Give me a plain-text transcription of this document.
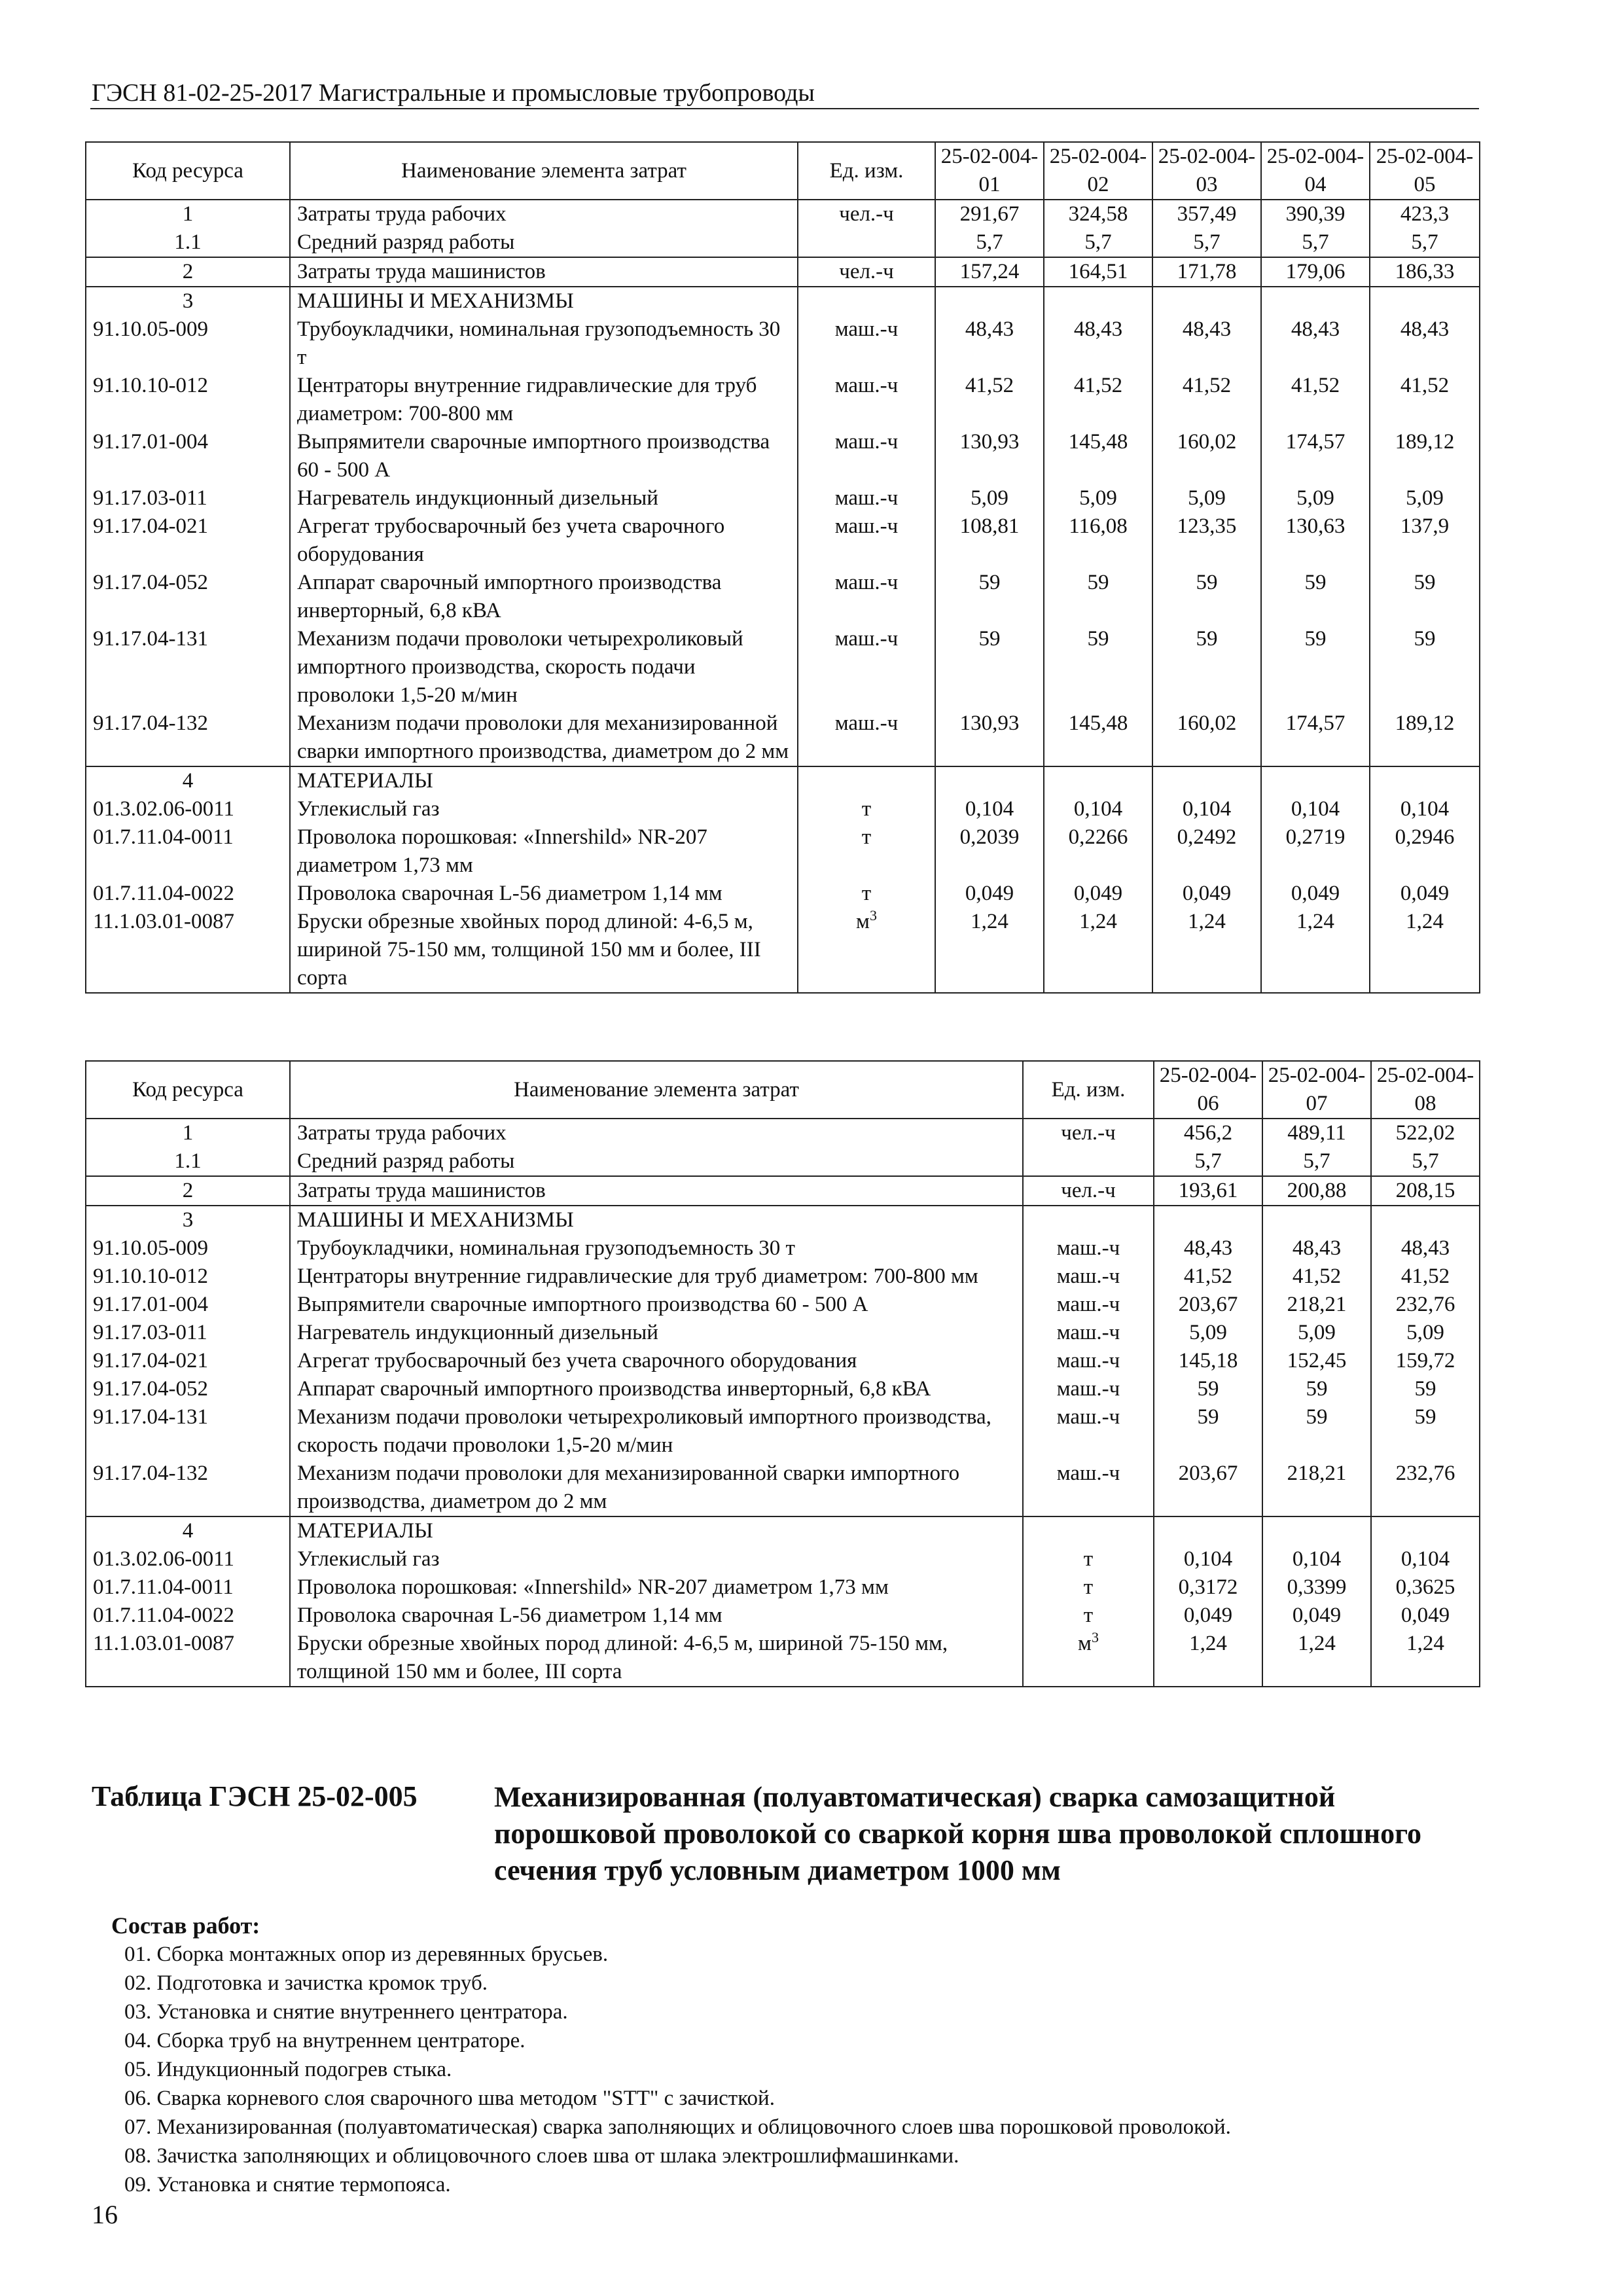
ГЭСН 81-02-25-2017 Магистральные и промысловые трубопроводы
Код ресурса	Наименование элемента затрат	Ед. изм.	25-02-004-01	25-02-004-02	25-02-004-03	25-02-004-04	25-02-004-05
1	Затраты труда рабочих	чел.-ч	291,67	324,58	357,49	390,39	423,3
1.1	Средний разряд работы		5,7	5,7	5,7	5,7	5,7
2	Затраты труда машинистов	чел.-ч	157,24	164,51	171,78	179,06	186,33
3	МАШИНЫ И МЕХАНИЗМЫ						
91.10.05-009	Трубоукладчики, номинальная грузоподъемность 30 т	маш.-ч	48,43	48,43	48,43	48,43	48,43
91.10.10-012	Центраторы внутренние гидравлические для труб диаметром: 700-800 мм	маш.-ч	41,52	41,52	41,52	41,52	41,52
91.17.01-004	Выпрямители сварочные импортного производства 60 - 500 А	маш.-ч	130,93	145,48	160,02	174,57	189,12
91.17.03-011	Нагреватель индукционный дизельный	маш.-ч	5,09	5,09	5,09	5,09	5,09
91.17.04-021	Агрегат трубосварочный без учета сварочного оборудования	маш.-ч	108,81	116,08	123,35	130,63	137,9
91.17.04-052	Аппарат сварочный импортного производства инверторный, 6,8 кВА	маш.-ч	59	59	59	59	59
91.17.04-131	Механизм подачи проволоки четырехроликовый импортного производства, скорость подачи проволоки 1,5-20 м/мин	маш.-ч	59	59	59	59	59
91.17.04-132	Механизм подачи проволоки для механизированной сварки импортного производства, диаметром до 2 мм	маш.-ч	130,93	145,48	160,02	174,57	189,12
4	МАТЕРИАЛЫ						
01.3.02.06-0011	Углекислый газ	т	0,104	0,104	0,104	0,104	0,104
01.7.11.04-0011	Проволока порошковая: «Innershild» NR-207 диаметром 1,73 мм	т	0,2039	0,2266	0,2492	0,2719	0,2946
01.7.11.04-0022	Проволока сварочная L-56 диаметром 1,14 мм	т	0,049	0,049	0,049	0,049	0,049
11.1.03.01-0087	Бруски обрезные хвойных пород длиной: 4-6,5 м, шириной 75-150 мм, толщиной 150 мм и более, III сорта	$м^3$	1,24	1,24	1,24	1,24	1,24
Код ресурса	Наименование элемента затрат	Ед. изм.	25-02-004-06	25-02-004-07	25-02-004-08
1	Затраты труда рабочих	чел.-ч	456,2	489,11	522,02
1.1	Средний разряд работы		5,7	5,7	5,7
2	Затраты труда машинистов	чел.-ч	193,61	200,88	208,15
3	МАШИНЫ И МЕХАНИЗМЫ				
91.10.05-009	Трубоукладчики, номинальная грузоподъемность 30 т	маш.-ч	48,43	48,43	48,43
91.10.10-012	Центраторы внутренние гидравлические для труб диаметром: 700-800 мм	маш.-ч	41,52	41,52	41,52
91.17.01-004	Выпрямители сварочные импортного производства 60 - 500 А	маш.-ч	203,67	218,21	232,76
91.17.03-011	Нагреватель индукционный дизельный	маш.-ч	5,09	5,09	5,09
91.17.04-021	Агрегат трубосварочный без учета сварочного оборудования	маш.-ч	145,18	152,45	159,72
91.17.04-052	Аппарат сварочный импортного производства инверторный, 6,8 кВА	маш.-ч	59	59	59
91.17.04-131	Механизм подачи проволоки четырехроликовый импортного производства, скорость подачи проволоки 1,5-20 м/мин	маш.-ч	59	59	59
91.17.04-132	Механизм подачи проволоки для механизированной сварки импортного производства, диаметром до 2 мм	маш.-ч	203,67	218,21	232,76
4	МАТЕРИАЛЫ				
01.3.02.06-0011	Углекислый газ	т	0,104	0,104	0,104
01.7.11.04-0011	Проволока порошковая: «Innershild» NR-207 диаметром 1,73 мм	т	0,3172	0,3399	0,3625
01.7.11.04-0022	Проволока сварочная L-56 диаметром 1,14 мм	т	0,049	0,049	0,049
11.1.03.01-0087	Бруски обрезные хвойных пород длиной: 4-6,5 м, шириной 75-150 мм, толщиной 150 мм и более, III сорта	$м^3$	1,24	1,24	1,24
Таблица ГЭСН 25-02-005	Механизированная (полуавтоматическая) сварка самозащитной порошковой проволокой со сваркой корня шва проволокой сплошного сечения труб условным диаметром 1000 мм
Состав работ:
01. Сборка монтажных опор из деревянных брусьев.
02. Подготовка и зачистка кромок труб.
03. Установка и снятие внутреннего центратора.
04. Сборка труб на внутреннем центраторе.
05. Индукционный подогрев стыка.
06. Сварка корневого слоя сварочного шва методом "STT" с зачисткой.
07. Механизированная (полуавтоматическая) сварка заполняющих и облицовочного слоев шва порошковой проволокой.
08. Зачистка заполняющих и облицовочного слоев шва от шлака электрошлифмашинками.
09. Установка и снятие термопояса.
16
